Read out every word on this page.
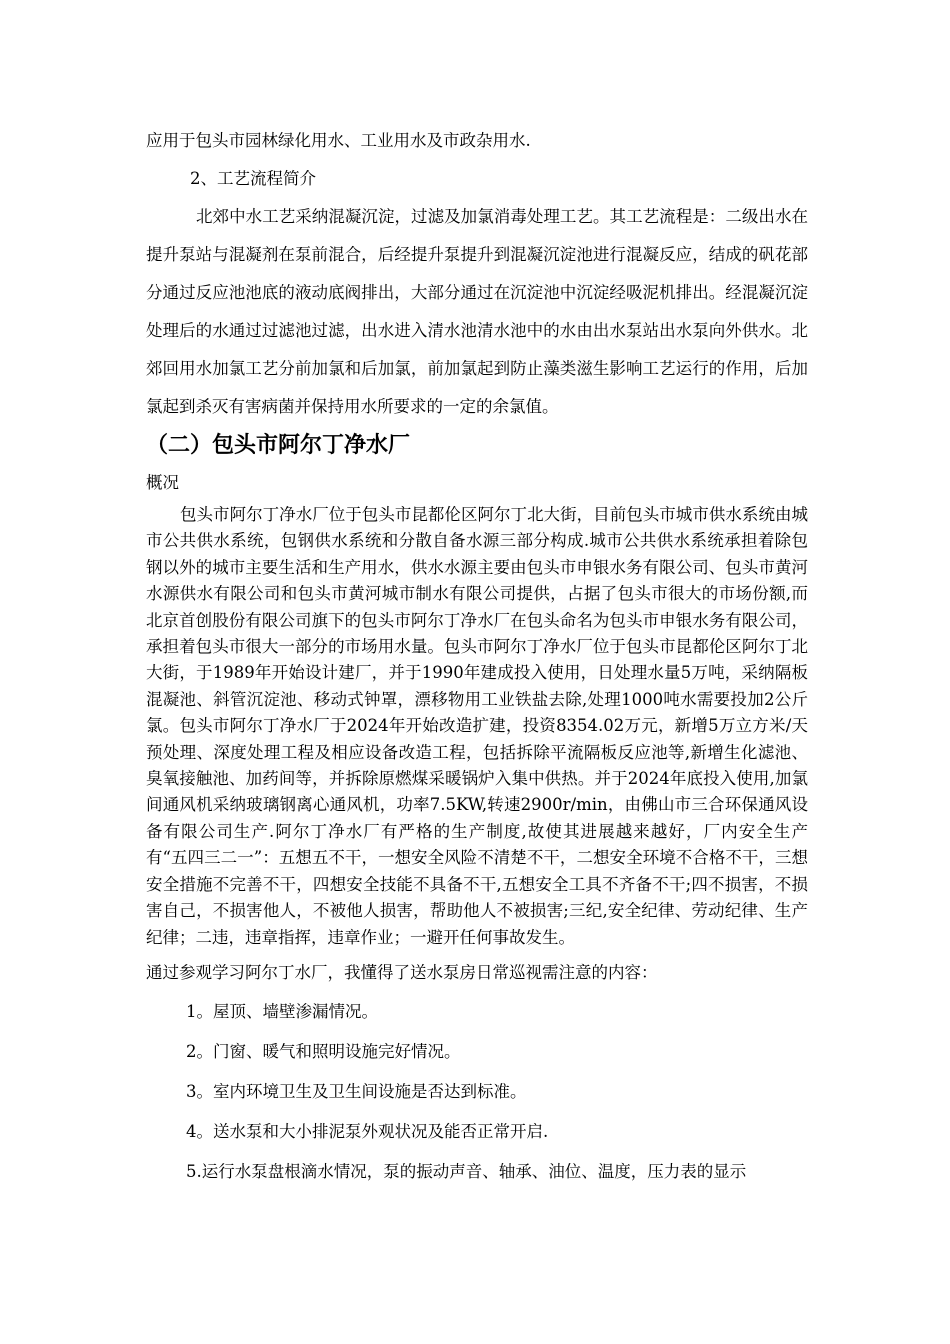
应用于包头市园林绿化用水、工业用水及市政杂用水.

2、工艺流程简介

北郊中水工艺采纳混凝沉淀，过滤及加氯消毒处理工艺。其工艺流程是：二级出水在提升泵站与混凝剂在泵前混合，后经提升泵提升到混凝沉淀池进行混凝反应，结成的矾花部分通过反应池池底的液动底阀排出，大部分通过在沉淀池中沉淀经吸泥机排出。经混凝沉淀处理后的水通过过滤池过滤，出水进入清水池清水池中的水由出水泵站出水泵向外供水。北郊回用水加氯工艺分前加氯和后加氯，前加氯起到防止藻类滋生影响工艺运行的作用，后加氯起到杀灭有害病菌并保持用水所要求的一定的余氯值。

（二）包头市阿尔丁净水厂

概况

包头市阿尔丁净水厂位于包头市昆都伦区阿尔丁北大街，目前包头市城市供水系统由城市公共供水系统，包钢供水系统和分散自备水源三部分构成.城市公共供水系统承担着除包钢以外的城市主要生活和生产用水，供水水源主要由包头市申银水务有限公司、包头市黄河水源供水有限公司和包头市黄河城市制水有限公司提供，占据了包头市很大的市场份额,而北京首创股份有限公司旗下的包头市阿尔丁净水厂在包头命名为包头市申银水务有限公司，承担着包头市很大一部分的市场用水量。包头市阿尔丁净水厂位于包头市昆都伦区阿尔丁北大街，于1989年开始设计建厂，并于1990年建成投入使用，日处理水量5万吨，采纳隔板混凝池、斜管沉淀池、移动式钟罩，漂移物用工业铁盐去除,处理1000吨水需要投加2公斤氯。包头市阿尔丁净水厂于2024年开始改造扩建，投资8354.02万元，新增5万立方米/天预处理、深度处理工程及相应设备改造工程，包括拆除平流隔板反应池等,新增生化滤池、臭氧接触池、加药间等，并拆除原燃煤采暖锅炉入集中供热。并于2024年底投入使用,加氯间通风机采纳玻璃钢离心通风机，功率7.5KW,转速2900r/min，由佛山市三合环保通风设备有限公司生产.阿尔丁净水厂有严格的生产制度,故使其进展越来越好，厂内安全生产有“五四三二一”：五想五不干，一想安全风险不清楚不干，二想安全环境不合格不干，三想安全措施不完善不干，四想安全技能不具备不干,五想安全工具不齐备不干;四不损害，不损害自己，不损害他人，不被他人损害，帮助他人不被损害;三纪,安全纪律、劳动纪律、生产纪律；二违，违章指挥，违章作业；一避开任何事故发生。

通过参观学习阿尔丁水厂，我懂得了送水泵房日常巡视需注意的内容：

1。屋顶、墙壁渗漏情况。

2。门窗、暖气和照明设施完好情况。

3。室内环境卫生及卫生间设施是否达到标准。

4。送水泵和大小排泥泵外观状况及能否正常开启.

5.运行水泵盘根滴水情况，泵的振动声音、轴承、油位、温度，压力表的显示
